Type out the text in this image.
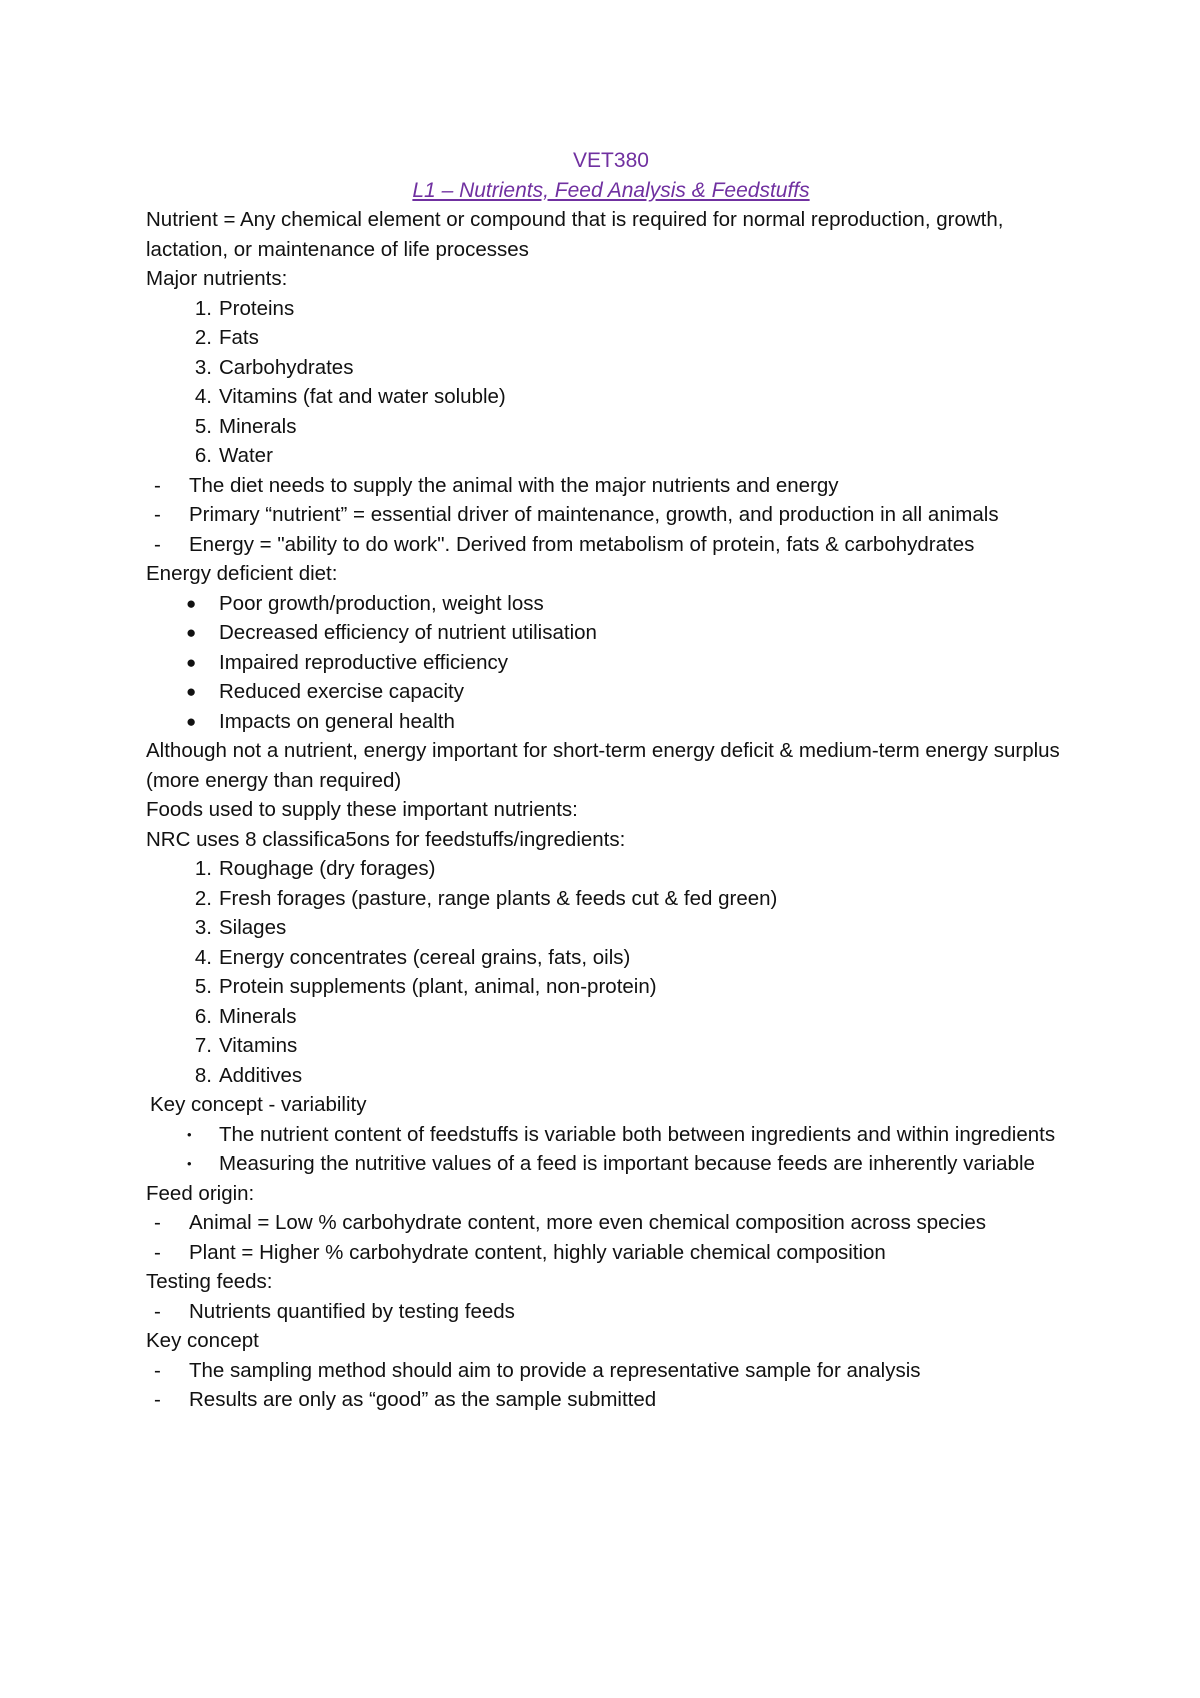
VET380
L1 – Nutrients, Feed Analysis & Feedstuffs

Nutrient = Any chemical element or compound that is required for normal reproduction, growth, lactation, or maintenance of life processes

Major nutrients:

1. Proteins
2. Fats
3. Carbohydrates
4. Vitamins (fat and water soluble)
5. Minerals
6. Water
- The diet needs to supply the animal with the major nutrients and energy
- Primary “nutrient” = essential driver of maintenance, growth, and production in all animals
- Energy = "ability to do work". Derived from metabolism of protein, fats & carbohydrates

Energy deficient diet:

● Poor growth/production, weight loss
● Decreased efficiency of nutrient utilisation
● Impaired reproductive efficiency
● Reduced exercise capacity
● Impacts on general health

Although not a nutrient, energy important for short-term energy deficit & medium-term energy surplus (more energy than required)

Foods used to supply these important nutrients:

NRC uses 8 classifica5ons for feedstuffs/ingredients:

1. Roughage (dry forages)
2. Fresh forages (pasture, range plants & feeds cut & fed green)
3. Silages
4. Energy concentrates (cereal grains, fats, oils)
5. Protein supplements (plant, animal, non-protein)
6. Minerals
7. Vitamins
8. Additives

Key concept - variability

• The nutrient content of feedstuffs is variable both between ingredients and within ingredients
• Measuring the nutritive values of a feed is important because feeds are inherently variable

Feed origin:

- Animal = Low % carbohydrate content, more even chemical composition across species
- Plant = Higher % carbohydrate content, highly variable chemical composition

Testing feeds:

- Nutrients quantified by testing feeds

Key concept

- The sampling method should aim to provide a representative sample for analysis
- Results are only as “good” as the sample submitted
